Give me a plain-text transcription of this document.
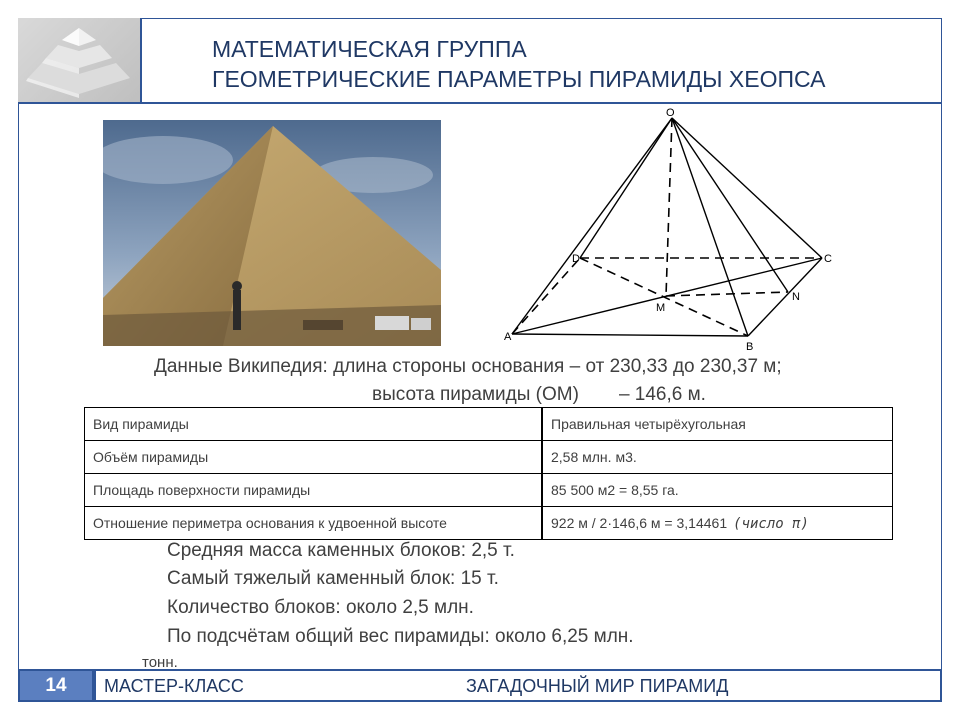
МАТЕМАТИЧЕСКАЯ ГРУППА
ГЕОМЕТРИЧЕСКИЕ ПАРАМЕТРЫ ПИРАМИДЫ ХЕОПСА
O
A
B
C
D
M
N
Данные Википедия: длина стороны основания – от 230,33 до 230,37 м;
высота пирамиды (ОМ) – 146,6 м.
Вид пирамиды	Правильная четырёхугольная
Объём пирамиды	2,58 млн. м3.
Площадь поверхности пирамиды	85 500 м2 = 8,55 га.
Отношение периметра основания к удвоенной высоте	922 м / 2·146,6 м = 3,14461 (число π)
Средняя масса каменных блоков: 2,5 т.
Самый тяжелый каменный блок: 15 т.
Количество блоков: около 2,5 млн.
По подсчётам общий вес пирамиды: около 6,25 млн.
тонн.
14	МАСТЕР-КЛАСС	ЗАГАДОЧНЫЙ МИР ПИРАМИД
